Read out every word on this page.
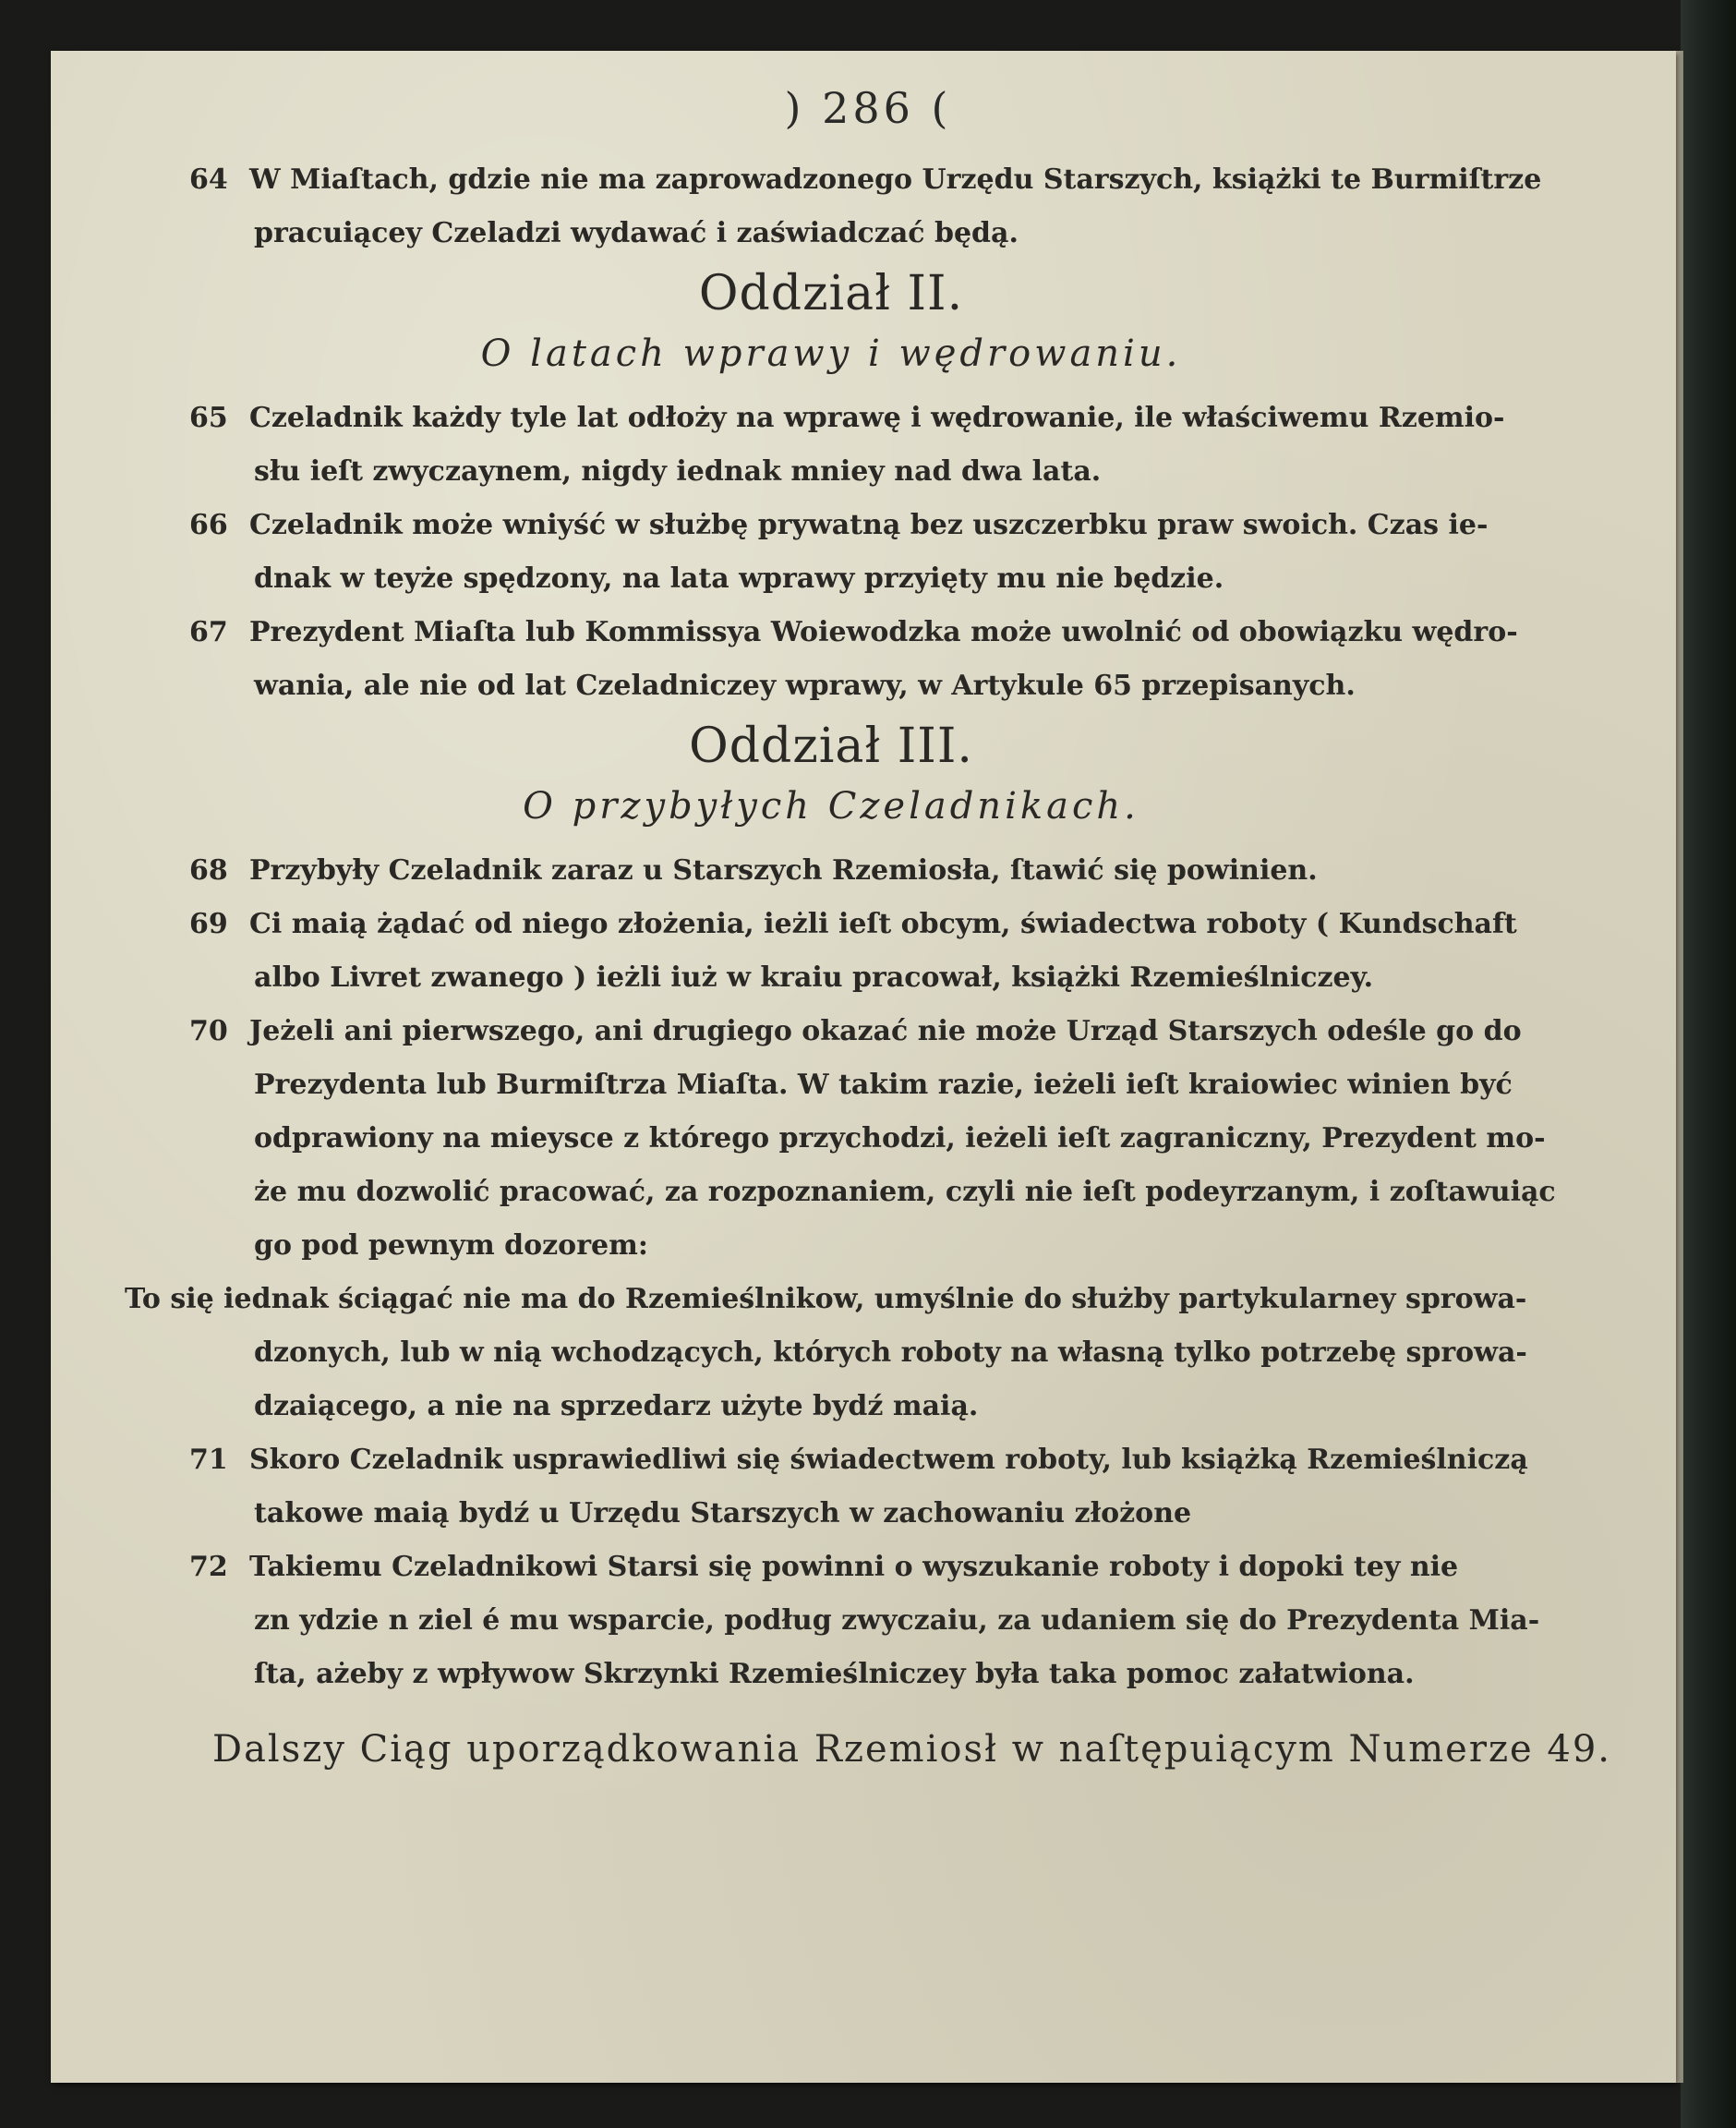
) 286 (
64 W Miaſtach, gdzie nie ma zaprowadzonego Urzędu Starszych, książki te Burmiſtrze
pracuiącey Czeladzi wydawać i zaświadczać będą.
Oddział II.
O latach wprawy i wędrowaniu.
65 Czeladnik każdy tyle lat odłoży na wprawę i wędrowanie, ile właściwemu Rzemio-
słu ieſt zwyczaynem, nigdy iednak mniey nad dwa lata.
66 Czeladnik może wniyść w służbę prywatną bez uszczerbku praw swoich. Czas ie-
dnak w teyże spędzony, na lata wprawy przyięty mu nie będzie.
67 Prezydent Miaſta lub Kommissya Woiewodzka może uwolnić od obowiązku wędro-
wania, ale nie od lat Czeladniczey wprawy, w Artykule 65 przepisanych.
Oddział III.
O przybyłych Czeladnikach.
68 Przybyły Czeladnik zaraz u Starszych Rzemiosła, ſtawić się powinien.
69 Ci maią żądać od niego złożenia, ieżli ieſt obcym, świadectwa roboty ( Kundschaft
albo Livret zwanego ) ieżli iuż w kraiu pracował, książki Rzemieślniczey.
70 Jeżeli ani pierwszego, ani drugiego okazać nie może Urząd Starszych odeśle go do
Prezydenta lub Burmiſtrza Miaſta. W takim razie, ieżeli ieſt kraiowiec winien być
odprawiony na mieysce z którego przychodzi, ieżeli ieſt zagraniczny, Prezydent mo-
że mu dozwolić pracować, za rozpoznaniem, czyli nie ieſt podeyrzanym, i zoſtawuiąc
go pod pewnym dozorem:
To się iednak ściągać nie ma do Rzemieślnikow, umyślnie do służby partykularney sprowa-
dzonych, lub w nią wchodzących, których roboty na własną tylko potrzebę sprowa-
dzaiącego, a nie na sprzedarz użyte bydź maią.
71 Skoro Czeladnik usprawiedliwi się świadectwem roboty, lub książką Rzemieślniczą
takowe maią bydź u Urzędu Starszych w zachowaniu złożone
72 Takiemu Czeladnikowi Starsi się powinni o wyszukanie roboty i dopoki tey nie
zn ydzie n ziel é mu wsparcie, podług zwyczaiu, za udaniem się do Prezydenta Mia-
ſta, ażeby z wpływow Skrzynki Rzemieślniczey była taka pomoc załatwiona.
Dalszy Ciąg uporządkowania Rzemiosł w naſtępuiącym Numerze 49.
